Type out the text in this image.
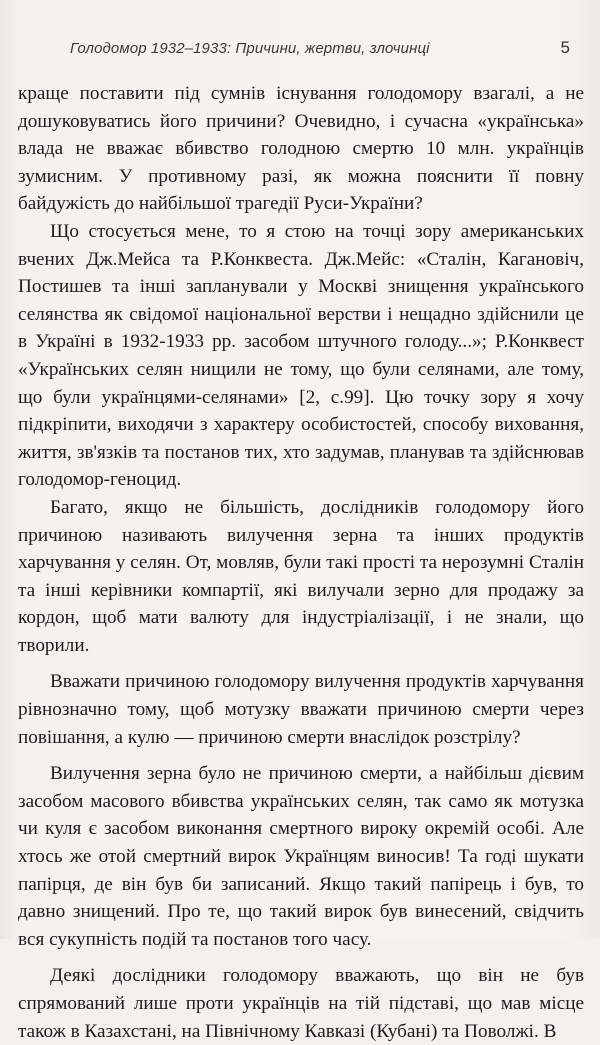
Голодомор 1932–1933: Причини, жертви, злочинці	5

краще поставити під сумнів існування голодомору взагалі, а не дошуковуватись його причини? Очевидно, і сучасна «українська» влада не вважає вбивство голодною смертю 10 млн. українців зумисним. У противному разі, як можна пояснити її повну байдужість до найбільшої трагедії Руси-України?

Що стосується мене, то я стою на точці зору американських вчених Дж.Мейса та Р.Конквеста. Дж.Мейс: «Сталін, Кагановіч, Постишев та інші запланували у Москві знищення українського селянства як свідомої національної верстви і нещадно здійснили це в Україні в 1932-1933 рр. засобом штучного голоду...»; Р.Конквест «Українських селян нищили не тому, що були селянами, але тому, що були українцями-селянами» [2, с.99]. Цю точку зору я хочу підкріпити, виходячи з характеру особистостей, способу виховання, життя, зв'язків та постанов тих, хто задумав, планував та здійснював голодомор-геноцид.

Багато, якщо не більшість, дослідників голодомору його причиною називають вилучення зерна та інших продуктів харчування у селян. От, мовляв, були такі прості та нерозумні Сталін та інші керівники компартії, які вилучали зерно для продажу за кордон, щоб мати валюту для індустріалізації, і не знали, що творили.

Вважати причиною голодомору вилучення продуктів харчування рівнозначно тому, щоб мотузку вважати причиною смерти через повішання, а кулю — причиною смерти внаслідок розстрілу?

Вилучення зерна було не причиною смерти, а найбільш дієвим засобом масового вбивства українських селян, так само як мотузка чи куля є засобом виконання смертного вироку окремій особі. Але хтось же отой смертний вирок Українцям виносив! Та годі шукати папірця, де він був би записаний. Якщо такий папірець і був, то давно знищений. Про те, що такий вирок був винесений, свідчить вся сукупність подій та постанов того часу.

Деякі дослідники голодомору вважають, що він не був спрямований лише проти українців на тій підставі, що мав місце також в Казахстані, на Північному Кавказі (Кубані) та Поволжі. В
